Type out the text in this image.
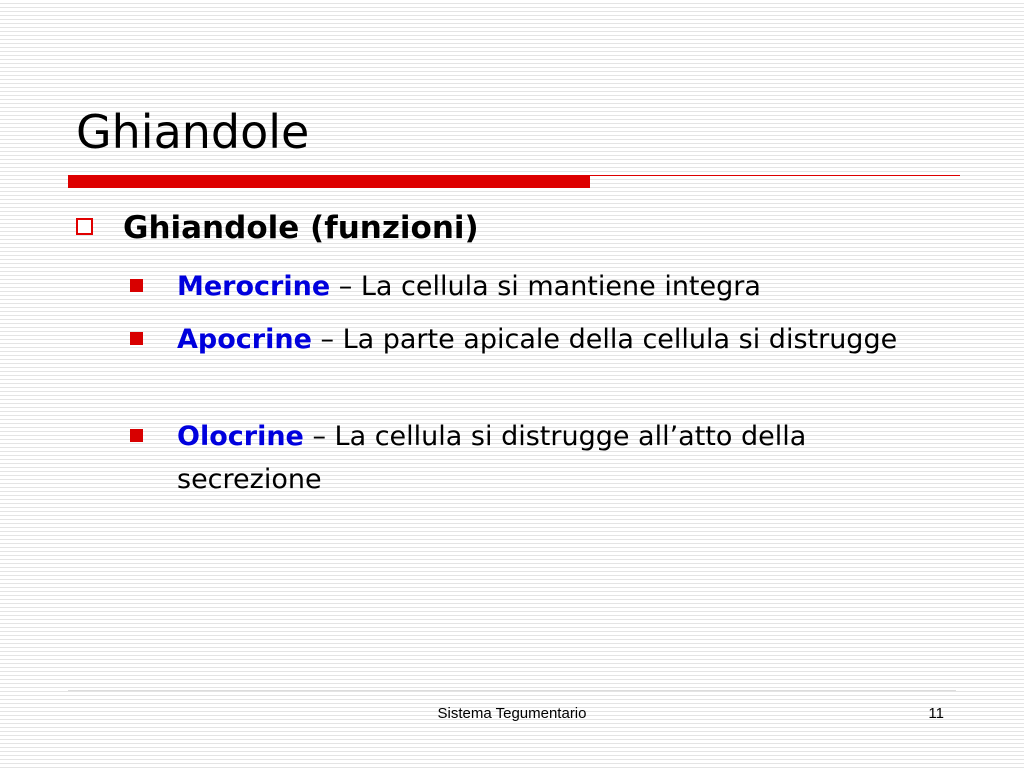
Ghiandole
Ghiandole (funzioni)
Merocrine – La cellula si mantiene integra
Apocrine – La parte apicale della cellula si distrugge
Olocrine – La cellula si distrugge all’atto della secrezione
Sistema Tegumentario	11
